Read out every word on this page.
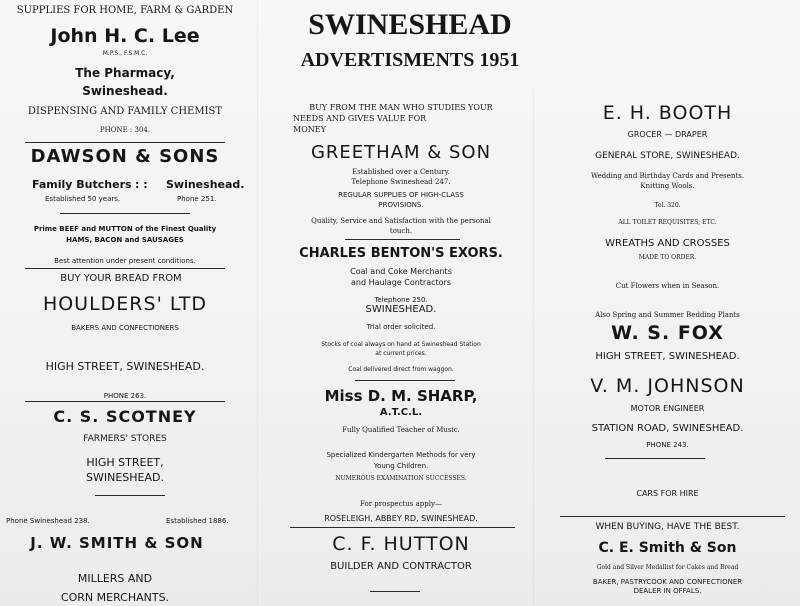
SWINESHEAD
ADVERTISMENTS 1951
SUPPLIES FOR HOME, FARM & GARDEN
John H. C. Lee
M.P.S., F.S.M.C.
The Pharmacy,
Swineshead.
DISPENSING AND FAMILY CHEMIST
PHONE : 304.
DAWSON & SONS
Family Butchers : : Swineshead.
Established 50 years.	Phone 251.
Prime BEEF and MUTTON of the Finest Quality
HAMS, BACON and SAUSAGES
Best attention under present conditions.
BUY YOUR BREAD FROM
HOULDERS' LTD
BAKERS AND CONFECTIONERS
HIGH STREET, SWINESHEAD.
PHONE 263.
C. S. SCOTNEY
FARMERS' STORES
HIGH STREET,
SWINESHEAD.
Phone Swineshead 238.	Established 1886.
J. W. SMITH & SON
MILLERS AND
CORN MERCHANTS.
BUY FROM THE MAN WHO STUDIES YOUR
NEEDS AND GIVES VALUE FOR
MONEY
GREETHAM & SON
Established over a Century.
Telephone Swineshead 247.
REGULAR SUPPLIES OF HIGH-CLASS
PROVISIONS.
Quality, Service and Satisfaction with the personal
touch.
CHARLES BENTON'S EXORS.
Coal and Coke Merchants
and Haulage Contractors
Telephone 250.
SWINESHEAD.
Trial order solicited.
Stocks of coal always on hand at Swineshead Station
at current prices.
Coal delivered direct from waggon.
Miss D. M. SHARP,
A.T.C.L.
Fully Qualified Teacher of Music.
Specialized Kindergarten Methods for very
Young Children.
NUMEROUS EXAMINATION SUCCESSES.
For prospectus apply—
ROSELEIGH, ABBEY RD, SWINESHEAD.
C. F. HUTTON
BUILDER AND CONTRACTOR
E. H. BOOTH
GROCER — DRAPER
GENERAL STORE, SWINESHEAD.
Wedding and Birthday Cards and Presents.
Knitting Wools.
Tel. 320.
ALL TOILET REQUISITES, ETC.
WREATHS AND CROSSES
MADE TO ORDER.
Cut Flowers when in Season.
Also Spring and Summer Bedding Plants
W. S. FOX
HIGH STREET, SWINESHEAD.
V. M. JOHNSON
MOTOR ENGINEER
STATION ROAD, SWINESHEAD.
PHONE 243.
CARS FOR HIRE
WHEN BUYING, HAVE THE BEST.
C. E. Smith & Son
Gold and Silver Medallist for Cakes and Bread
BAKER, PASTRYCOOK AND CONFECTIONER
DEALER IN OFFALS.
